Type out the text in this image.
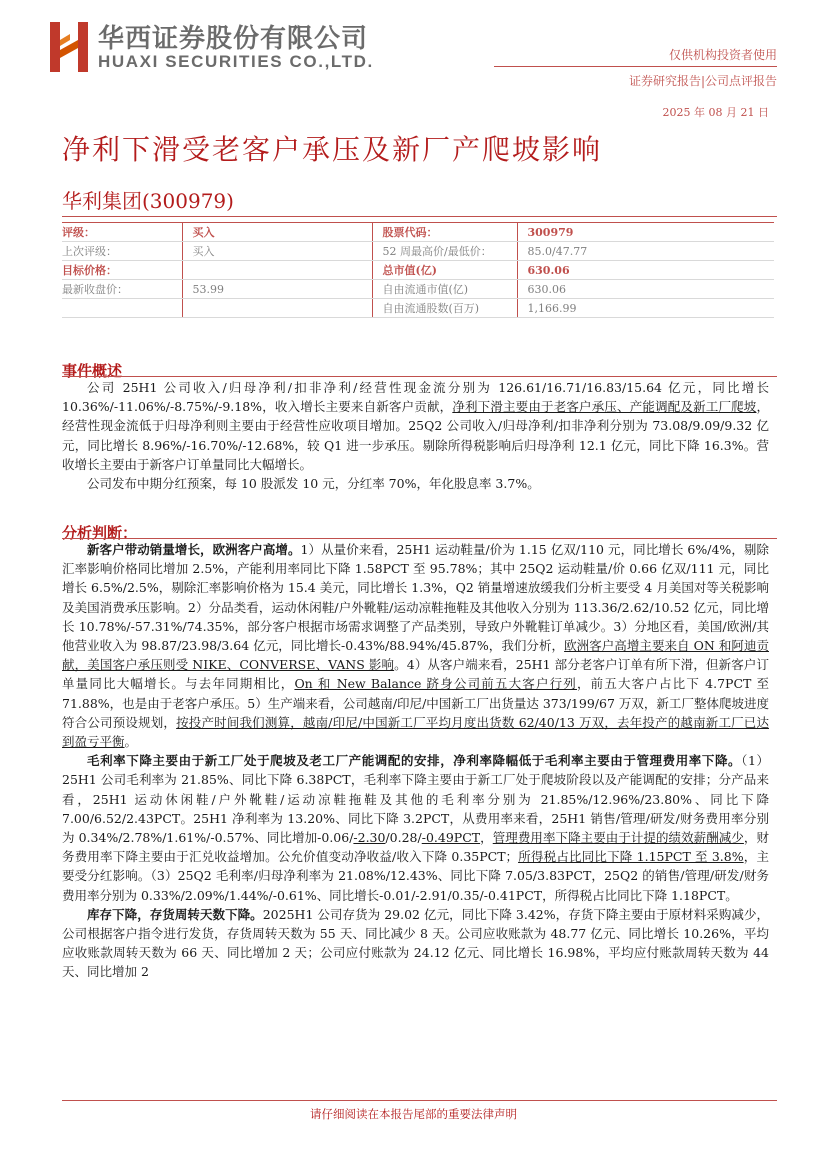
华西证券股份有限公司
HUAXI SECURITIES CO.,LTD.	仅供机构投资者使用
证券研究报告|公司点评报告
2025 年 08 月 21 日
净利下滑受老客户承压及新厂产爬坡影响
华利集团(300979)
评级：	买入	股票代码：	300979
上次评级：	买入	52 周最高价/最低价：	85.0/47.77
目标价格：		总市值(亿)	630.06
最新收盘价：	53.99	自由流通市值(亿)	630.06
		自由流通股数(百万)	1,166.99
事件概述

公司 25H1 公司收入/归母净利/扣非净利/经营性现金流分别为 126.61/16.71/16.83/15.64 亿元，同比增长 10.36%/-11.06%/-8.75%/-9.18%，收入增长主要来自新客户贡献，净利下滑主要由于老客户承压、产能调配及新工厂爬坡，经营性现金流低于归母净利则主要由于经营性应收项目增加。25Q2 公司收入/归母净利/扣非净利分别为 73.08/9.09/9.32 亿元，同比增长 8.96%/-16.70%/-12.68%，较 Q1 进一步承压。剔除所得税影响后归母净利 12.1 亿元，同比下降 16.3%。营收增长主要由于新客户订单量同比大幅增长。

公司发布中期分红预案，每 10 股派发 10 元，分红率 70%，年化股息率 3.7%。

分析判断：

新客户带动销量增长，欧洲客户高增。1）从量价来看，25H1 运动鞋量/价为 1.15 亿双/110 元，同比增长 6%/4%，剔除汇率影响价格同比增加 2.5%，产能利用率同比下降 1.58PCT 至 95.78%；其中 25Q2 运动鞋量/价 0.66 亿双/111 元，同比增长 6.5%/2.5%，剔除汇率影响价格为 15.4 美元，同比增长 1.3%，Q2 销量增速放缓我们分析主要受 4 月美国对等关税影响及美国消费承压影响。2）分品类看，运动休闲鞋/户外靴鞋/运动凉鞋拖鞋及其他收入分别为 113.36/2.62/10.52 亿元，同比增长 10.78%/-57.31%/74.35%，部分客户根据市场需求调整了产品类别，导致户外靴鞋订单减少。3）分地区看，美国/欧洲/其他营业收入为 98.87/23.98/3.64 亿元，同比增长-0.43%/88.94%/45.87%，我们分析，欧洲客户高增主要来自 ON 和阿迪贡献，美国客户承压则受 NIKE、CONVERSE、VANS 影响。4）从客户端来看，25H1 部分老客户订单有所下滑，但新客户订单量同比大幅增长。与去年同期相比，On 和 New Balance 跻身公司前五大客户行列，前五大客户占比下 4.7PCT 至 71.88%，也是由于老客户承压。5）生产端来看，公司越南/印尼/中国新工厂出货量达 373/199/67 万双，新工厂整体爬坡进度符合公司预设规划，按投产时间我们测算，越南/印尼/中国新工厂平均月度出货数 62/40/13 万双，去年投产的越南新工厂已达到盈亏平衡。

毛利率下降主要由于新工厂处于爬坡及老工厂产能调配的安排，净利率降幅低于毛利率主要由于管理费用率下降。（1）25H1 公司毛利率为 21.85%、同比下降 6.38PCT，毛利率下降主要由于新工厂处于爬坡阶段以及产能调配的安排；分产品来看，25H1 运动休闲鞋/户外靴鞋/运动凉鞋拖鞋及其他的毛利率分别为 21.85%/12.96%/23.80%、同比下降 7.00/6.52/2.43PCT。25H1 净利率为 13.20%、同比下降 3.2PCT，从费用率来看，25H1 销售/管理/研发/财务费用率分别为 0.34%/2.78%/1.61%/-0.57%、同比增加-0.06/-2.30/0.28/-0.49PCT，管理费用率下降主要由于计提的绩效薪酬减少，财务费用率下降主要由于汇兑收益增加。公允价值变动净收益/收入下降 0.35PCT；所得税占比同比下降 1.15PCT 至 3.8%，主要受分红影响。（3）25Q2 毛利率/归母净利率为 21.08%/12.43%、同比下降 7.05/3.83PCT，25Q2 的销售/管理/研发/财务费用率分别为 0.33%/2.09%/1.44%/-0.61%、同比增长-0.01/-2.91/0.35/-0.41PCT，所得税占比同比下降 1.18PCT。

库存下降，存货周转天数下降。2025H1 公司存货为 29.02 亿元，同比下降 3.42%，存货下降主要由于原材料采购减少，公司根据客户指令进行发货，存货周转天数为 55 天、同比减少 8 天。公司应收账款为 48.77 亿元、同比增长 10.26%，平均应收账款周转天数为 66 天、同比增加 2 天；公司应付账款为 24.12 亿元、同比增长 16.98%，平均应付账款周转天数为 44 天、同比增加 2

请仔细阅读在本报告尾部的重要法律声明
